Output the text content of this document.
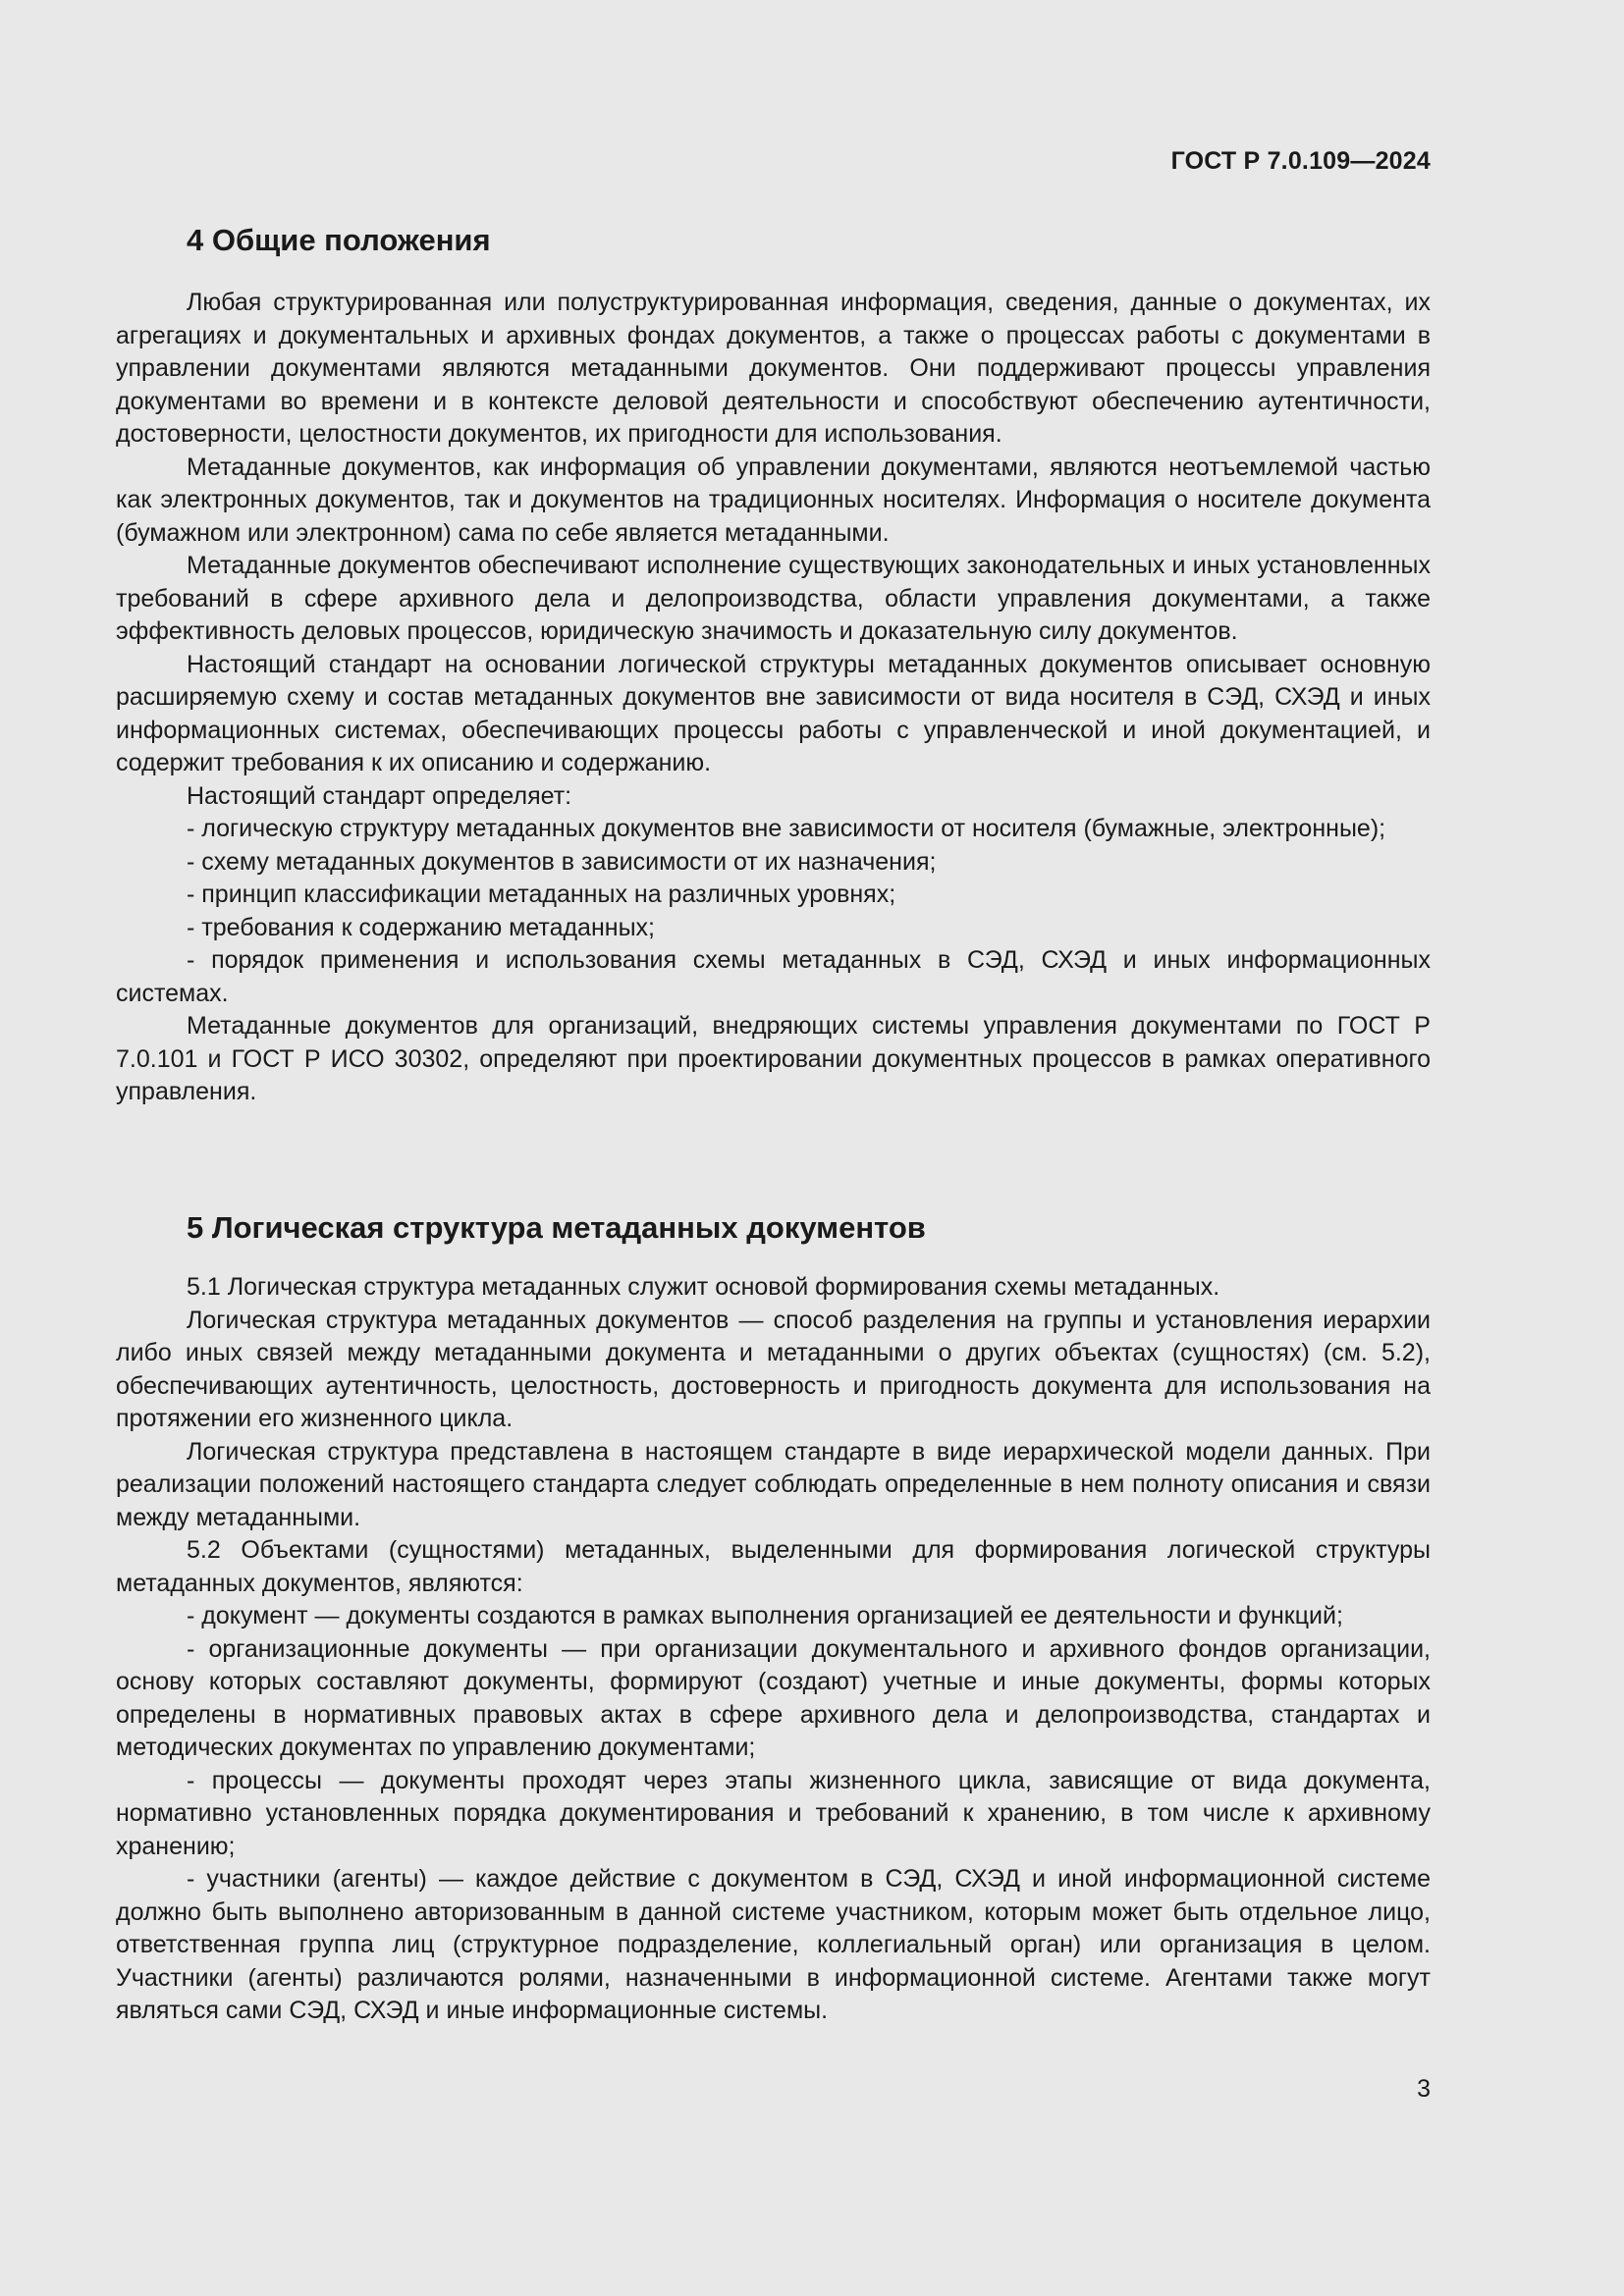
ГОСТ Р 7.0.109—2024
4 Общие положения

Любая структурированная или полуструктурированная информация, сведения, данные о документах, их агрегациях и документальных и архивных фондах документов, а также о процессах работы с документами в управлении документами являются метаданными документов. Они поддерживают процессы управления документами во времени и в контексте деловой деятельности и способствуют обеспечению аутентичности, достоверности, целостности документов, их пригодности для использования.

Метаданные документов, как информация об управлении документами, являются неотъемлемой частью как электронных документов, так и документов на традиционных носителях. Информация о носителе документа (бумажном или электронном) сама по себе является метаданными.

Метаданные документов обеспечивают исполнение существующих законодательных и иных установленных требований в сфере архивного дела и делопроизводства, области управления документами, а также эффективность деловых процессов, юридическую значимость и доказательную силу документов.

Настоящий стандарт на основании логической структуры метаданных документов описывает основную расширяемую схему и состав метаданных документов вне зависимости от вида носителя в СЭД, СХЭД и иных информационных системах, обеспечивающих процессы работы с управленческой и иной документацией, и содержит требования к их описанию и содержанию.

Настоящий стандарт определяет:

- логическую структуру метаданных документов вне зависимости от носителя (бумажные, электронные);

- схему метаданных документов в зависимости от их назначения;

- принцип классификации метаданных на различных уровнях;

- требования к содержанию метаданных;

- порядок применения и использования схемы метаданных в СЭД, СХЭД и иных информационных системах.

Метаданные документов для организаций, внедряющих системы управления документами по ГОСТ Р 7.0.101 и ГОСТ Р ИСО 30302, определяют при проектировании документных процессов в рамках оперативного управления.

5 Логическая структура метаданных документов

5.1 Логическая структура метаданных служит основой формирования схемы метаданных.

Логическая структура метаданных документов — способ разделения на группы и установления иерархии либо иных связей между метаданными документа и метаданными о других объектах (сущностях) (см. 5.2), обеспечивающих аутентичность, целостность, достоверность и пригодность документа для использования на протяжении его жизненного цикла.

Логическая структура представлена в настоящем стандарте в виде иерархической модели данных. При реализации положений настоящего стандарта следует соблюдать определенные в нем полноту описания и связи между метаданными.

5.2 Объектами (сущностями) метаданных, выделенными для формирования логической структуры метаданных документов, являются:

- документ — документы создаются в рамках выполнения организацией ее деятельности и функций;

- организационные документы — при организации документального и архивного фондов организации, основу которых составляют документы, формируют (создают) учетные и иные документы, формы которых определены в нормативных правовых актах в сфере архивного дела и делопроизводства, стандартах и методических документах по управлению документами;

- процессы — документы проходят через этапы жизненного цикла, зависящие от вида документа, нормативно установленных порядка документирования и требований к хранению, в том числе к архивному хранению;

- участники (агенты) — каждое действие с документом в СЭД, СХЭД и иной информационной системе должно быть выполнено авторизованным в данной системе участником, которым может быть отдельное лицо, ответственная группа лиц (структурное подразделение, коллегиальный орган) или организация в целом. Участники (агенты) различаются ролями, назначенными в информационной системе. Агентами также могут являться сами СЭД, СХЭД и иные информационные системы.

3
